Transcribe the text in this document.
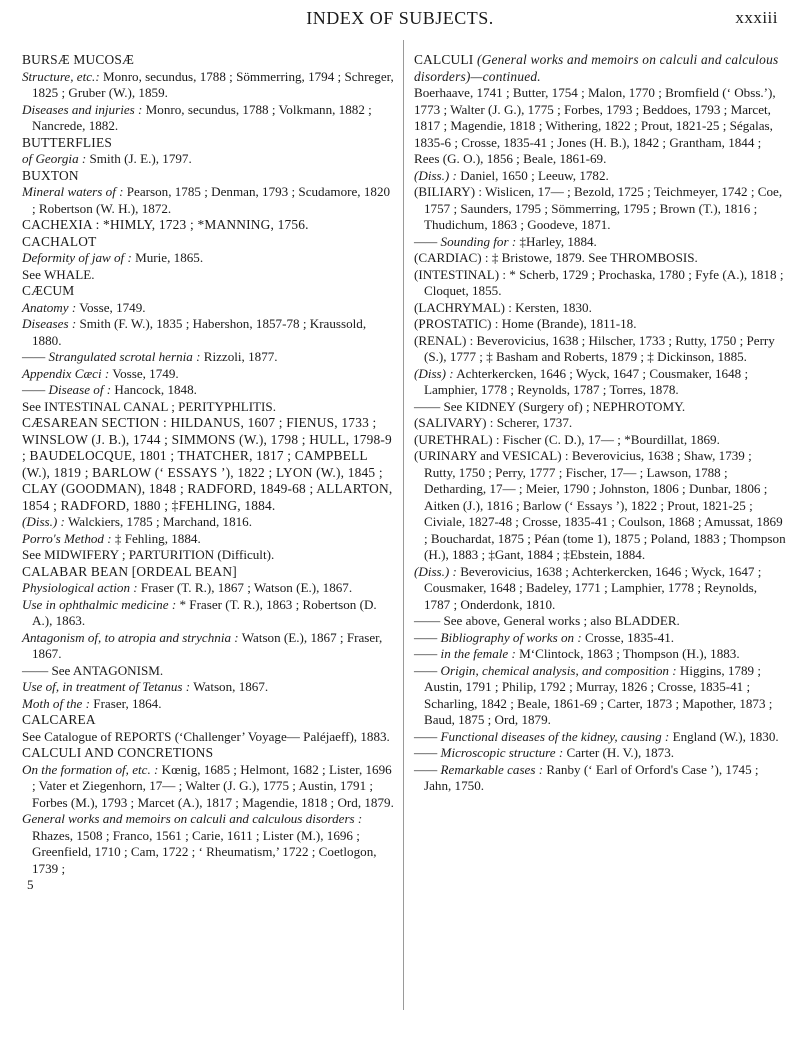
INDEX OF SUBJECTS.	xxxiii
BURSÆ MUCOSÆ
Structure, etc.: Monro, secundus, 1788 ; Sömmerring, 1794 ; Schreger, 1825 ; Gruber (W.), 1859.
Diseases and injuries : Monro, secundus, 1788 ; Volkmann, 1882 ; Nancrede, 1882.
BUTTERFLIES
of Georgia : Smith (J. E.), 1797.
BUXTON
Mineral waters of : Pearson, 1785 ; Denman, 1793 ; Scudamore, 1820 ; Robertson (W. H.), 1872.
CACHEXIA : *HIMLY, 1723 ; *MANNING, 1756.
CACHALOT
Deformity of jaw of : Murie, 1865.
See WHALE.
CÆCUM
Anatomy : Vosse, 1749.
Diseases : Smith (F. W.), 1835 ; Habershon, 1857-78 ; Kraussold, 1880.
—— Strangulated scrotal hernia : Rizzoli, 1877.
Appendix Cæci : Vosse, 1749.
—— Disease of : Hancock, 1848.
See INTESTINAL CANAL ; PERITYPHLITIS.
CÆSAREAN SECTION : HILDANUS, 1607 ; FIENUS, 1733 ; WINSLOW (J. B.), 1744 ; SIMMONS (W.), 1798 ; HULL, 1798-9 ; BAUDELOCQUE, 1801 ; THATCHER, 1817 ; CAMPBELL (W.), 1819 ; BARLOW (‘ ESSAYS ’), 1822 ; LYON (W.), 1845 ; CLAY (GOODMAN), 1848 ; RADFORD, 1849-68 ; ALLARTON, 1854 ; RADFORD, 1880 ; ‡FEHLING, 1884.
(Diss.) : Walckiers, 1785 ; Marchand, 1816.
Porro's Method : ‡ Fehling, 1884.
See MIDWIFERY ; PARTURITION (Difficult).
CALABAR BEAN [ORDEAL BEAN]
Physiological action : Fraser (T. R.), 1867 ; Watson (E.), 1867.
Use in ophthalmic medicine : * Fraser (T. R.), 1863 ; Robertson (D. A.), 1863.
Antagonism of, to atropia and strychnia : Watson (E.), 1867 ; Fraser, 1867.
—— See ANTAGONISM.
Use of, in treatment of Tetanus : Watson, 1867.
Moth of the : Fraser, 1864.
CALCAREA
See Catalogue of REPORTS (‘Challenger’ Voyage— Paléjaeff), 1883.
CALCULI AND CONCRETIONS
On the formation of, etc. : Kœnig, 1685 ; Helmont, 1682 ; Lister, 1696 ; Vater et Ziegenhorn, 17— ; Walter (J. G.), 1775 ; Austin, 1791 ; Forbes (M.), 1793 ; Marcet (A.), 1817 ; Magendie, 1818 ; Ord, 1879.
General works and memoirs on calculi and calculous disorders : Rhazes, 1508 ; Franco, 1561 ; Carie, 1611 ; Lister (M.), 1696 ; Greenfield, 1710 ; Cam, 1722 ; ‘ Rheumatism,’ 1722 ; Coetlogon, 1739 ;
5
CALCULI (General works and memoirs on calculi and calculous disorders)—continued.
Boerhaave, 1741 ; Butter, 1754 ; Malon, 1770 ; Bromfield (‘ Obss.’), 1773 ; Walter (J. G.), 1775 ; Forbes, 1793 ; Beddoes, 1793 ; Marcet, 1817 ; Magendie, 1818 ; Withering, 1822 ; Prout, 1821-25 ; Ségalas, 1835-6 ; Crosse, 1835-41 ; Jones (H. B.), 1842 ; Grantham, 1844 ; Rees (G. O.), 1856 ; Beale, 1861-69.
(Diss.) : Daniel, 1650 ; Leeuw, 1782.
(BILIARY) : Wislicen, 17— ; Bezold, 1725 ; Teichmeyer, 1742 ; Coe, 1757 ; Saunders, 1795 ; Sömmerring, 1795 ; Brown (T.), 1816 ; Thudichum, 1863 ; Goodeve, 1871.
—— Sounding for : ‡Harley, 1884.
(CARDIAC) : ‡ Bristowe, 1879. See THROMBOSIS.
(INTESTINAL) : * Scherb, 1729 ; Prochaska, 1780 ; Fyfe (A.), 1818 ; Cloquet, 1855.
(LACHRYMAL) : Kersten, 1830.
(PROSTATIC) : Home (Brande), 1811-18.
(RENAL) : Beverovicius, 1638 ; Hilscher, 1733 ; Rutty, 1750 ; Perry (S.), 1777 ; ‡ Basham and Roberts, 1879 ; ‡ Dickinson, 1885.
(Diss) : Achterkercken, 1646 ; Wyck, 1647 ; Cousmaker, 1648 ; Lamphier, 1778 ; Reynolds, 1787 ; Torres, 1878.
—— See KIDNEY (Surgery of) ; NEPHROTOMY.
(SALIVARY) : Scherer, 1737.
(URETHRAL) : Fischer (C. D.), 17— ; *Bourdillat, 1869.
(URINARY and VESICAL) : Beverovicius, 1638 ; Shaw, 1739 ; Rutty, 1750 ; Perry, 1777 ; Fischer, 17— ; Lawson, 1788 ; Detharding, 17— ; Meier, 1790 ; Johnston, 1806 ; Dunbar, 1806 ; Aitken (J.), 1816 ; Barlow (‘ Essays ’), 1822 ; Prout, 1821-25 ; Civiale, 1827-48 ; Crosse, 1835-41 ; Coulson, 1868 ; Amussat, 1869 ; Bouchardat, 1875 ; Péan (tome 1), 1875 ; Poland, 1883 ; Thompson (H.), 1883 ; ‡Gant, 1884 ; ‡Ebstein, 1884.
(Diss.) : Beverovicius, 1638 ; Achterkercken, 1646 ; Wyck, 1647 ; Cousmaker, 1648 ; Badeley, 1771 ; Lamphier, 1778 ; Reynolds, 1787 ; Onderdonk, 1810.
—— See above, General works ; also BLADDER.
—— Bibliography of works on : Crosse, 1835-41.
—— in the female : M‘Clintock, 1863 ; Thompson (H.), 1883.
—— Origin, chemical analysis, and composition : Higgins, 1789 ; Austin, 1791 ; Philip, 1792 ; Murray, 1826 ; Crosse, 1835-41 ; Scharling, 1842 ; Beale, 1861-69 ; Carter, 1873 ; Mapother, 1873 ; Baud, 1875 ; Ord, 1879.
—— Functional diseases of the kidney, causing : England (W.), 1830.
—— Microscopic structure : Carter (H. V.), 1873.
—— Remarkable cases : Ranby (‘ Earl of Orford's Case ’), 1745 ; Jahn, 1750.
